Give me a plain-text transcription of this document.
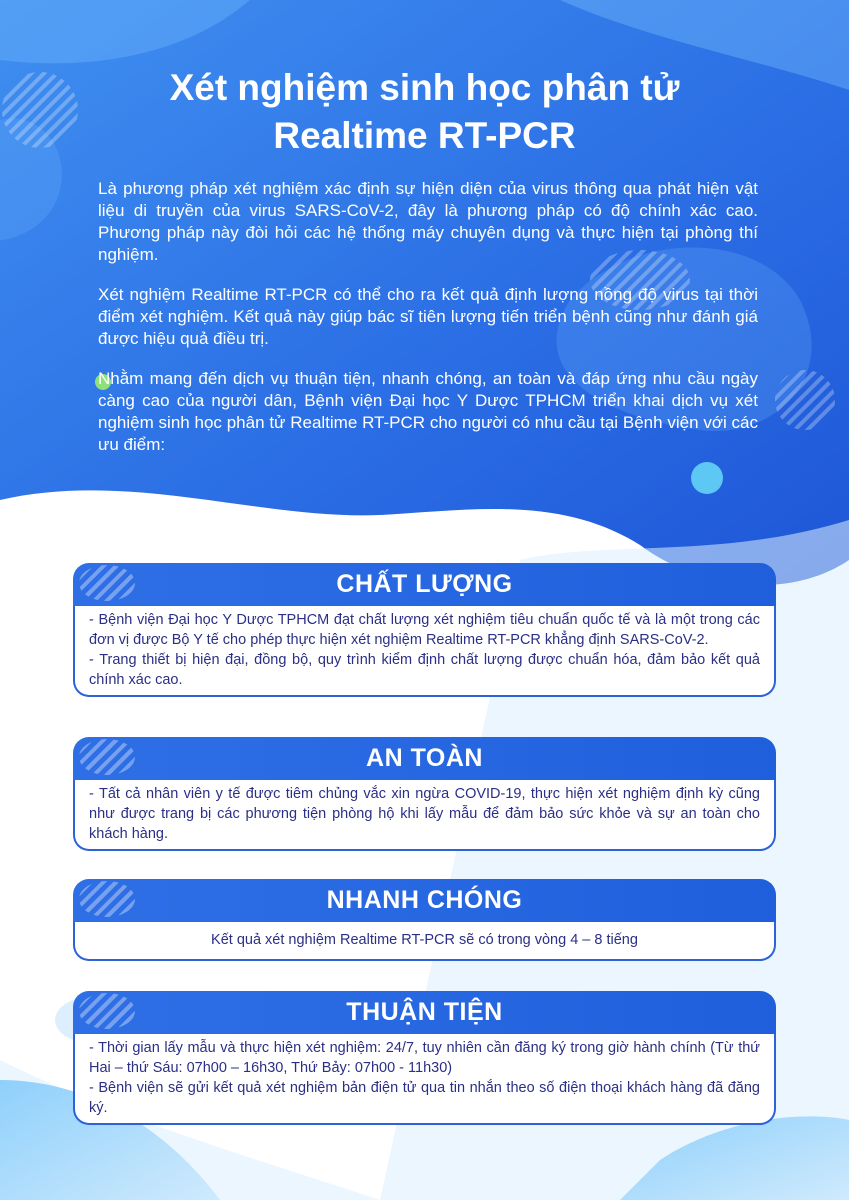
Xét nghiệm sinh học phân tử
Realtime RT-PCR

Là phương pháp xét nghiệm xác định sự hiện diện của virus thông qua phát hiện vật liệu di truyền của virus SARS-CoV-2, đây là phương pháp có độ chính xác cao. Phương pháp này đòi hỏi các hệ thống máy chuyên dụng và thực hiện tại phòng thí nghiệm.

Xét nghiệm Realtime RT-PCR có thể cho ra kết quả định lượng nồng độ virus tại thời điểm xét nghiệm. Kết quả này giúp bác sĩ tiên lượng tiến triển bệnh cũng như đánh giá được hiệu quả điều trị.

Nhằm mang đến dịch vụ thuận tiện, nhanh chóng, an toàn và đáp ứng nhu cầu ngày càng cao của người dân, Bệnh viện Đại học Y Dược TPHCM triển khai dịch vụ xét nghiệm sinh học phân tử Realtime RT-PCR cho người có nhu cầu tại Bệnh viện với các ưu điểm:

CHẤT LƯỢNG
- Bệnh viện Đại học Y Dược TPHCM đạt chất lượng xét nghiệm tiêu chuẩn quốc tế và là một trong các đơn vị được Bộ Y tế cho phép thực hiện xét nghiệm Realtime RT-PCR khẳng định SARS-CoV-2.
- Trang thiết bị hiện đại, đồng bộ, quy trình kiểm định chất lượng được chuẩn hóa, đảm bảo kết quả chính xác cao.
AN TOÀN
- Tất cả nhân viên y tế được tiêm chủng vắc xin ngừa COVID-19, thực hiện xét nghiệm định kỳ cũng như được trang bị các phương tiện phòng hộ khi lấy mẫu để đảm bảo sức khỏe và sự an toàn cho khách hàng.
NHANH CHÓNG
Kết quả xét nghiệm Realtime RT-PCR sẽ có trong vòng 4 – 8 tiếng
THUẬN TIỆN
- Thời gian lấy mẫu và thực hiện xét nghiệm: 24/7, tuy nhiên cần đăng ký trong giờ hành chính (Từ thứ Hai – thứ Sáu: 07h00 – 16h30, Thứ Bảy: 07h00 - 11h30)
- Bệnh viện sẽ gửi kết quả xét nghiệm bản điện tử qua tin nhắn theo số điện thoại khách hàng đã đăng ký.
